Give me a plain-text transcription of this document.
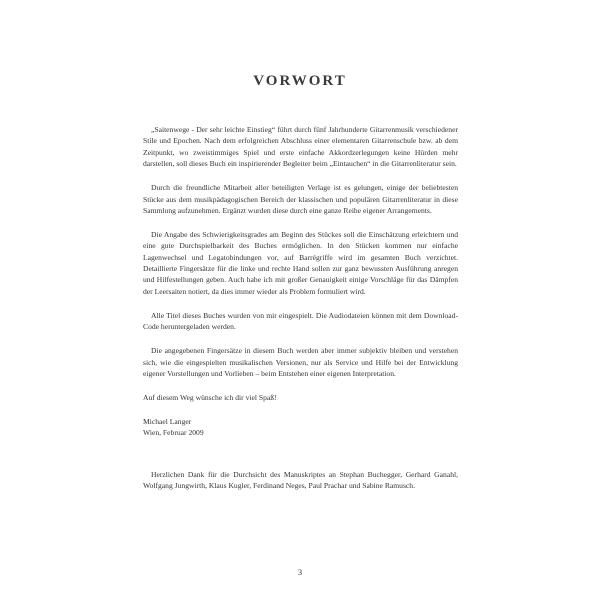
VORWORT

„Saitenwege - Der sehr leichte Einstieg“ führt durch fünf Jahrhunderte Gitarrenmusik verschiedener Stile und Epochen. Nach dem erfolgreichen Abschluss einer elementaren Gitarrenschule bzw. ab dem Zeitpunkt, wo zweistimmiges Spiel und erste einfache Akkordzerlegungen keine Hürden mehr darstellen, soll dieses Buch ein inspirierender Begleiter beim „Eintauchen“ in die Gitarrenliteratur sein.

Durch die freundliche Mitarbeit aller beteiligten Verlage ist es gelungen, einige der beliebtesten Stücke aus dem musikpädagogischen Bereich der klassischen und populären Gitarrenliteratur in diese Sammlung aufzunehmen. Ergänzt wurden diese durch eine ganze Reihe eigener Arrangements.

Die Angabe des Schwierigkeitsgrades am Beginn des Stückes soll die Einschätzung erleichtern und eine gute Durchspielbarkeit des Buches ermöglichen. In den Stücken kommen nur einfache Lagenwechsel und Legatobindungen vor, auf Barrégriffe wird im gesamten Buch verzichtet. Detaillierte Fingersätze für die linke und rechte Hand sollen zur ganz bewussten Ausführung anregen und Hilfestellungen geben. Auch habe ich mit großer Genauigkeit einige Vorschläge für das Dämpfen der Leersaiten notiert, da dies immer wieder als Problem formuliert wird.

Alle Titel dieses Buches wurden von mir eingespielt. Die Audiodateien können mit dem Download-Code heruntergeladen werden.

Die angegebenen Fingersätze in diesem Buch werden aber immer subjektiv bleiben und verstehen sich, wie die eingespielten musikalischen Versionen, nur als Service und Hilfe bei der Entwicklung eigener Vorstellungen und Vorlieben – beim Entstehen einer eigenen Interpretation.

Auf diesem Weg wünsche ich dir viel Spaß!

Michael Langer
Wien, Februar 2009

Herzlichen Dank für die Durchsicht des Manuskriptes an Stephan Buchegger, Gerhard Ganahl, Wolfgang Jungwirth, Klaus Kugler, Ferdinand Neges, Paul Prachar und Sabine Ramusch.

3
